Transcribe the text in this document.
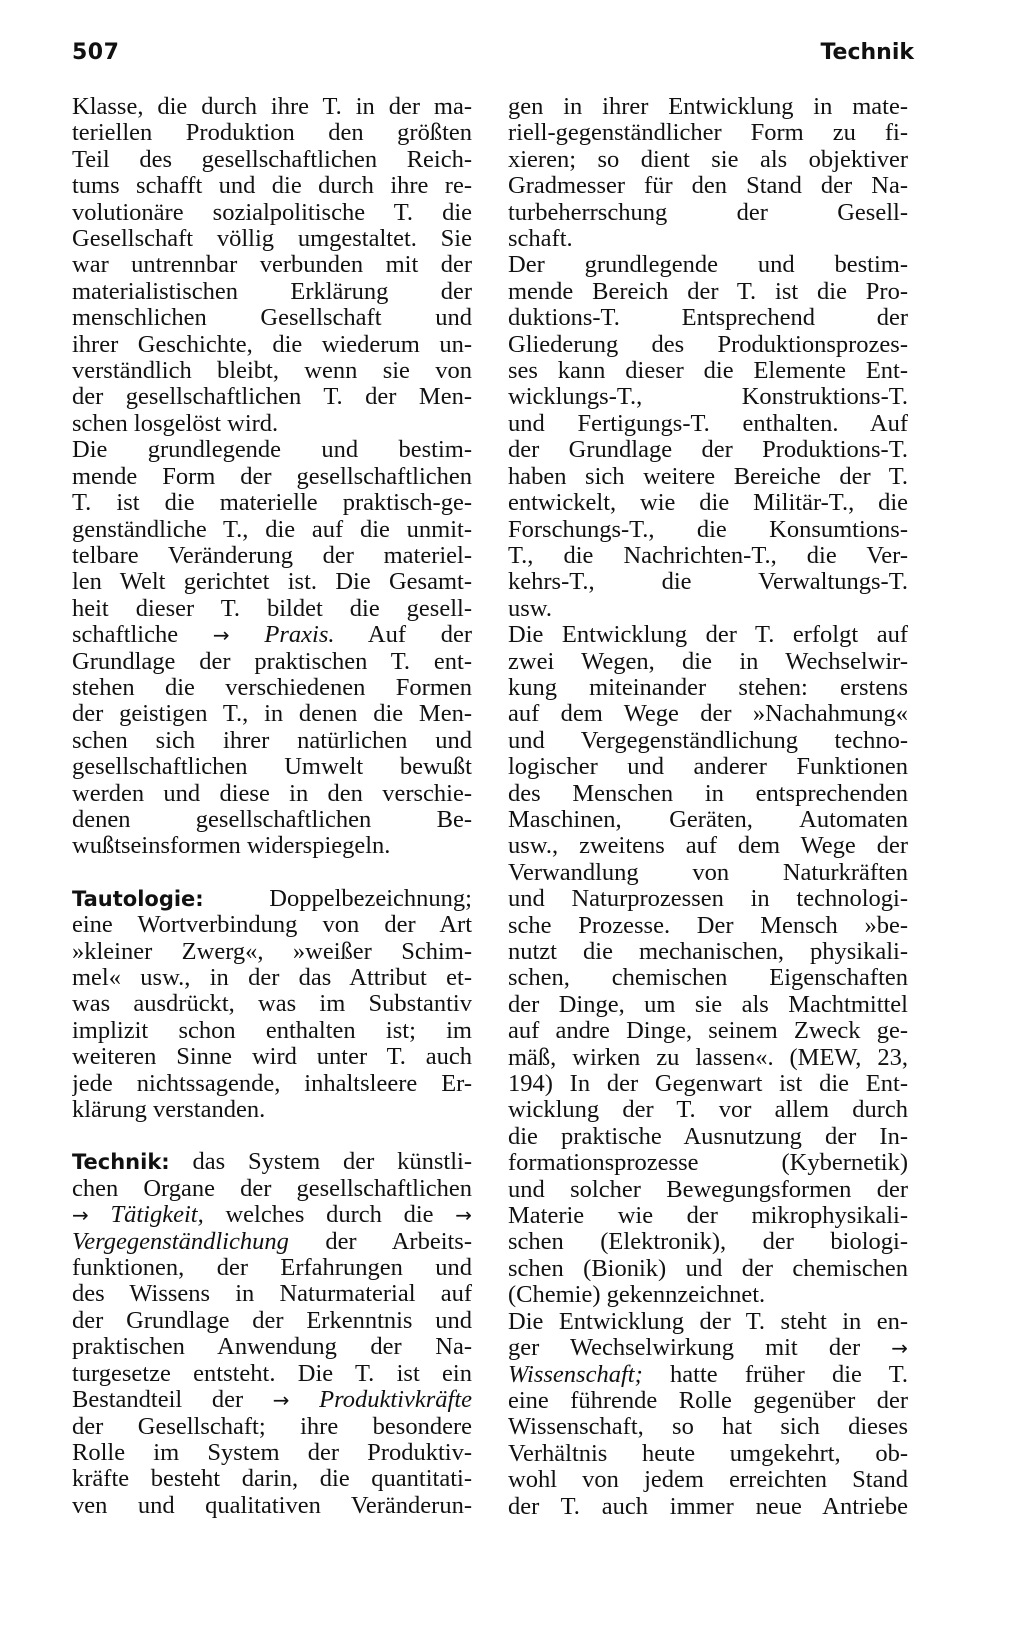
507	Technik
Klasse, die durch ihre T. in der ma-
teriellen Produktion den größten
Teil des gesellschaftlichen Reich-
tums schafft und die durch ihre re-
volutionäre sozialpolitische T. die
Gesellschaft völlig umgestaltet. Sie
war untrennbar verbunden mit der
materialistischen Erklärung der
menschlichen Gesellschaft und
ihrer Geschichte, die wiederum un-
verständlich bleibt, wenn sie von
der gesellschaftlichen T. der Men-
schen losgelöst wird.
Die grundlegende und bestim-
mende Form der gesellschaftlichen
T. ist die materielle praktisch-ge-
genständliche T., die auf die unmit-
telbare Veränderung der materiel-
len Welt gerichtet ist. Die Gesamt-
heit dieser T. bildet die gesell-
schaftliche → Praxis. Auf der
Grundlage der praktischen T. ent-
stehen die verschiedenen Formen
der geistigen T., in denen die Men-
schen sich ihrer natürlichen und
gesellschaftlichen Umwelt bewußt
werden und diese in den verschie-
denen gesellschaftlichen Be-
wußtseinsformen widerspiegeln.
Tautologie:	Doppelbezeichnung;
eine Wortverbindung von der Art
»kleiner Zwerg«, »weißer Schim-
mel« usw., in der das Attribut et-
was ausdrückt, was im Substantiv
implizit schon enthalten ist; im
weiteren Sinne wird unter T. auch
jede nichtssagende, inhaltsleere Er-
klärung verstanden.
Technik: das System der künstli-
chen Organe der gesellschaftlichen
→ Tätigkeit, welches durch die →
Vergegenständlichung der Arbeits-
funktionen, der Erfahrungen und
des Wissens in Naturmaterial auf
der Grundlage der Erkenntnis und
praktischen Anwendung der Na-
turgesetze entsteht. Die T. ist ein
Bestandteil der → Produktivkräfte
der Gesellschaft; ihre besondere
Rolle im System der Produktiv-
kräfte besteht darin, die quantitati-
ven und qualitativen Veränderun-
gen in ihrer Entwicklung in mate-
riell-gegenständlicher Form zu fi-
xieren; so dient sie als objektiver
Gradmesser für den Stand der Na-
turbeherrschung der Gesell-
schaft.
Der grundlegende und bestim-
mende Bereich der T. ist die Pro-
duktions-T. Entsprechend der
Gliederung des Produktionsprozes-
ses kann dieser die Elemente Ent-
wicklungs-T., Konstruktions-T.
und Fertigungs-T. enthalten. Auf
der Grundlage der Produktions-T.
haben sich weitere Bereiche der T.
entwickelt, wie die Militär-T., die
Forschungs-T., die Konsumtions-
T., die Nachrichten-T., die Ver-
kehrs-T., die Verwaltungs-T.
usw.
Die Entwicklung der T. erfolgt auf
zwei Wegen, die in Wechselwir-
kung miteinander stehen: erstens
auf dem Wege der »Nachahmung«
und Vergegenständlichung techno-
logischer und anderer Funktionen
des Menschen in entsprechenden
Maschinen, Geräten, Automaten
usw., zweitens auf dem Wege der
Verwandlung von Naturkräften
und Naturprozessen in technologi-
sche Prozesse. Der Mensch »be-
nutzt die mechanischen, physikali-
schen, chemischen Eigenschaften
der Dinge, um sie als Machtmittel
auf andre Dinge, seinem Zweck ge-
mäß, wirken zu lassen«. (MEW, 23,
194) In der Gegenwart ist die Ent-
wicklung der T. vor allem durch
die praktische Ausnutzung der In-
formationsprozesse (Kybernetik)
und solcher Bewegungsformen der
Materie wie der mikrophysikali-
schen (Elektronik), der biologi-
schen (Bionik) und der chemischen
(Chemie) gekennzeichnet.
Die Entwicklung der T. steht in en-
ger Wechselwirkung mit der →
Wissenschaft; hatte früher die T.
eine führende Rolle gegenüber der
Wissenschaft, so hat sich dieses
Verhältnis heute umgekehrt, ob-
wohl von jedem erreichten Stand
der T. auch immer neue Antriebe
